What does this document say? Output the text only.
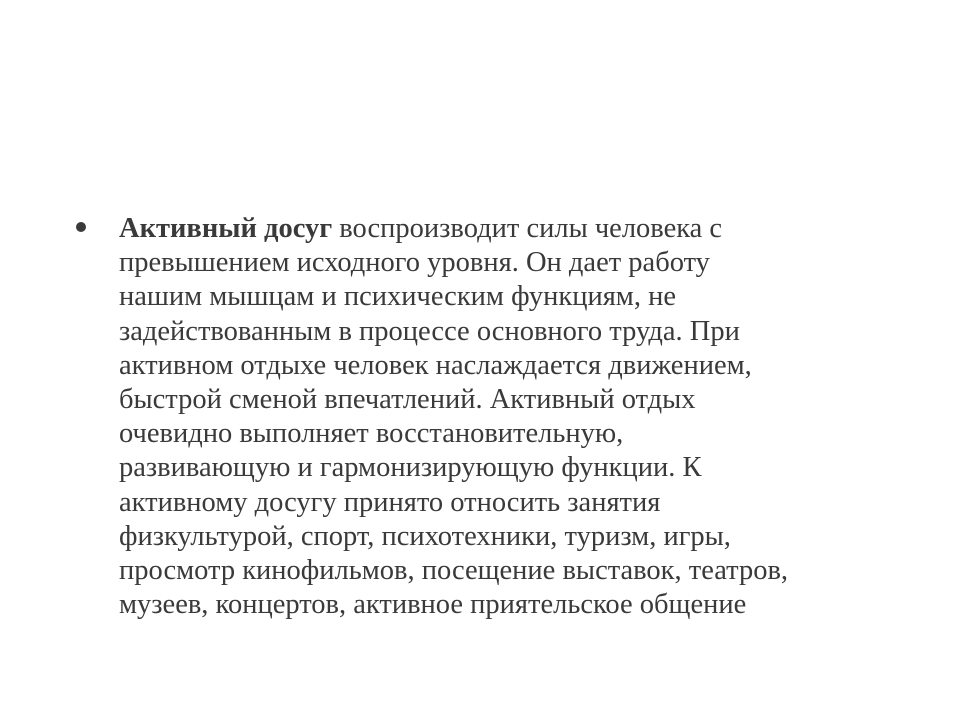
Активный досуг воспроизводит силы человека с
превышением исходного уровня. Он дает работу
нашим мышцам и психическим функциям, не
задействованным в процессе основного труда. При
активном отдыхе человек наслаждается движением,
быстрой сменой впечатлений. Активный отдых
очевидно выполняет восстановительную,
развивающую и гармонизирующую функции. К
активному досугу принято относить занятия
физкультурой, спорт, психотехники, туризм, игры,
просмотр кинофильмов, посещение выставок, театров,
музеев, концертов, активное приятельское общение
